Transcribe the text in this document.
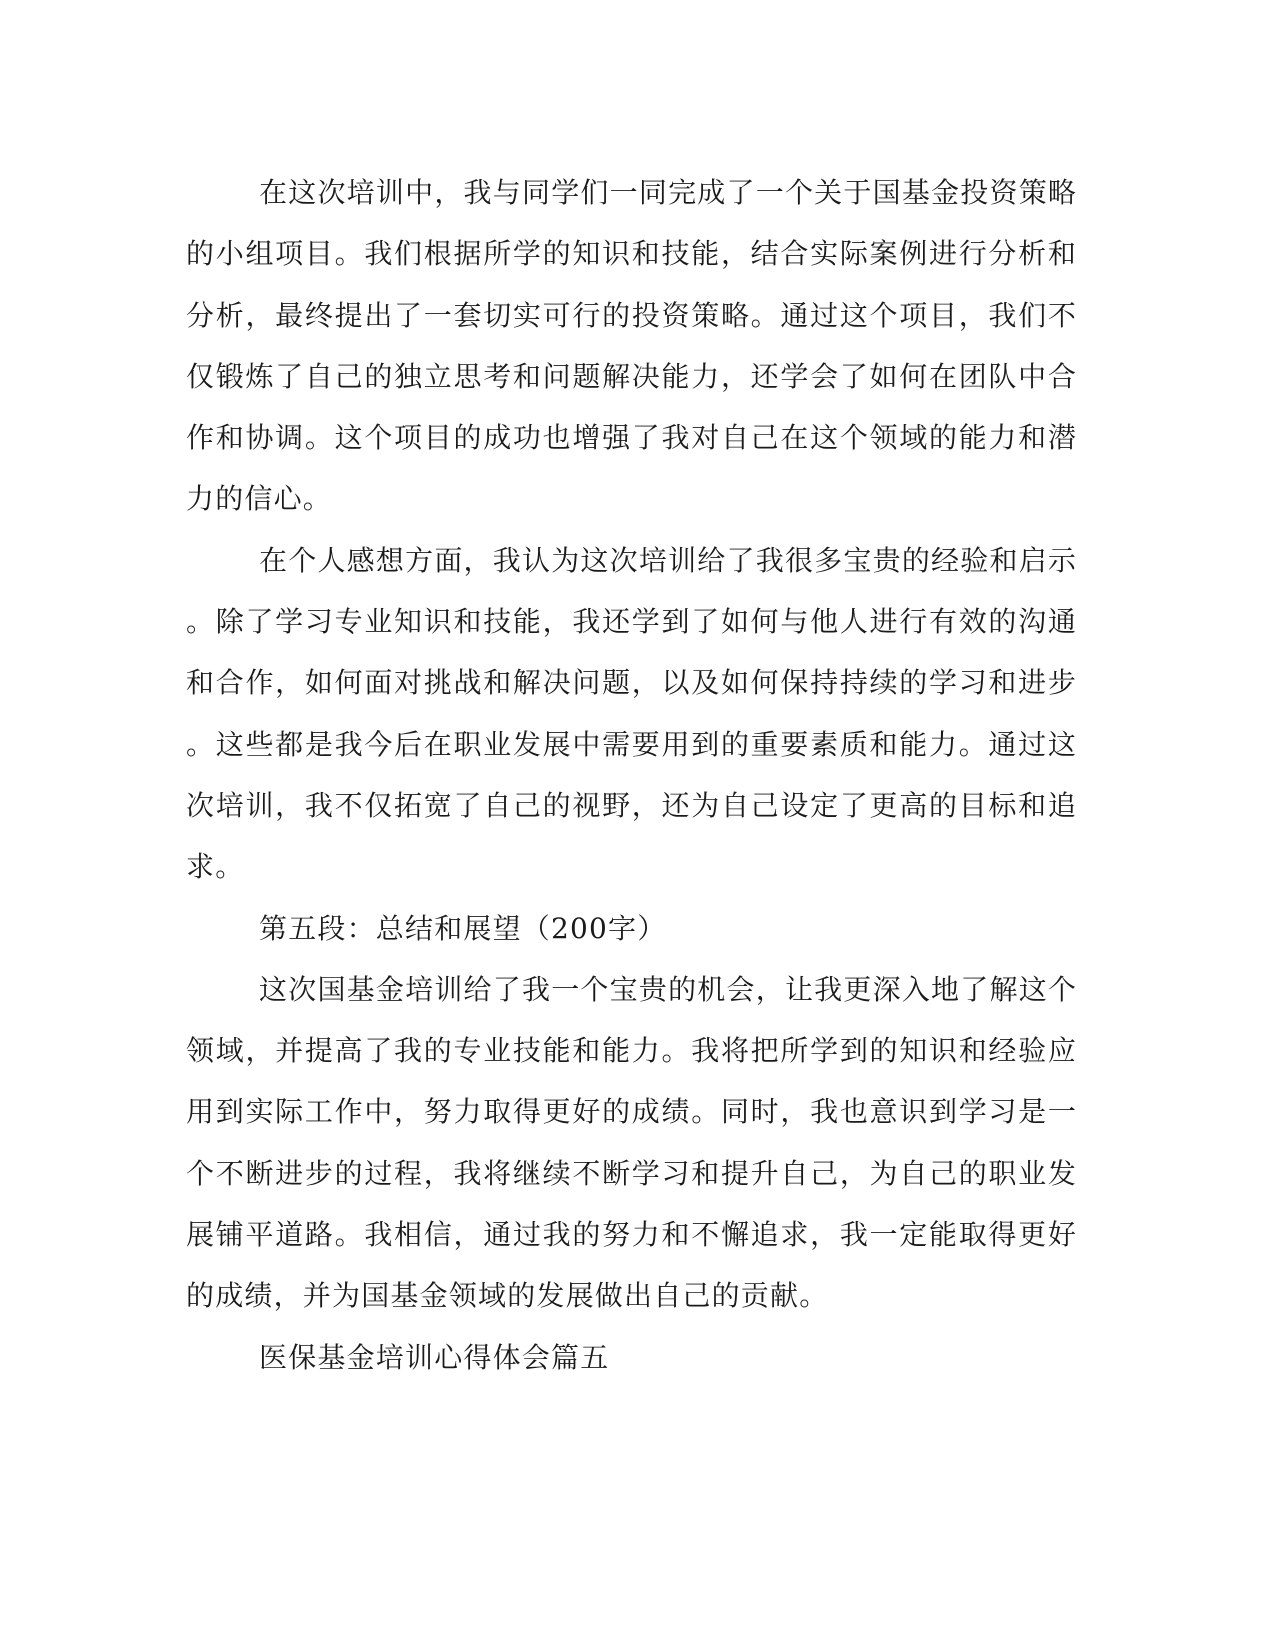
在 这 次 培 训 中 ， 我 与 同 学 们 一 同 完 成 了 一 个 关 于 国 基 金 投 资 策 略
的 小 组 项 目 。 我 们 根 据 所 学 的 知 识 和 技 能 ， 结 合 实 际 案 例 进 行 分 析 和
分 析 ， 最 终 提 出 了 一 套 切 实 可 行 的 投 资 策 略 。 通 过 这 个 项 目 ， 我 们 不
仅 锻 炼 了 自 己 的 独 立 思 考 和 问 题 解 决 能 力 ， 还 学 会 了 如 何 在 团 队 中 合
作 和 协 调 。 这 个 项 目 的 成 功 也 增 强 了 我 对 自 己 在 这 个 领 域 的 能 力 和 潜
力的信心。
在 个 人 感 想 方 面 ， 我 认 为 这 次 培 训 给 了 我 很 多 宝 贵 的 经 验 和 启 示
。 除 了 学 习 专 业 知 识 和 技 能 ， 我 还 学 到 了 如 何 与 他 人 进 行 有 效 的 沟 通
和 合 作 ， 如 何 面 对 挑 战 和 解 决 问 题 ， 以 及 如 何 保 持 持 续 的 学 习 和 进 步
。 这 些 都 是 我 今 后 在 职 业 发 展 中 需 要 用 到 的 重 要 素 质 和 能 力 。 通 过 这
次 培 训 ， 我 不 仅 拓 宽 了 自 己 的 视 野 ， 还 为 自 己 设 定 了 更 高 的 目 标 和 追
求。
第五段：总结和展望（200字）
这 次 国 基 金 培 训 给 了 我 一 个 宝 贵 的 机 会 ， 让 我 更 深 入 地 了 解 这 个
领 域 ， 并 提 高 了 我 的 专 业 技 能 和 能 力 。 我 将 把 所 学 到 的 知 识 和 经 验 应
用 到 实 际 工 作 中 ， 努 力 取 得 更 好 的 成 绩 。 同 时 ， 我 也 意 识 到 学 习 是 一
个 不 断 进 步 的 过 程 ， 我 将 继 续 不 断 学 习 和 提 升 自 己 ， 为 自 己 的 职 业 发
展 铺 平 道 路 。 我 相 信 ， 通 过 我 的 努 力 和 不 懈 追 求 ， 我 一 定 能 取 得 更 好
的成绩，并为国基金领域的发展做出自己的贡献。
医保基金培训心得体会篇五
